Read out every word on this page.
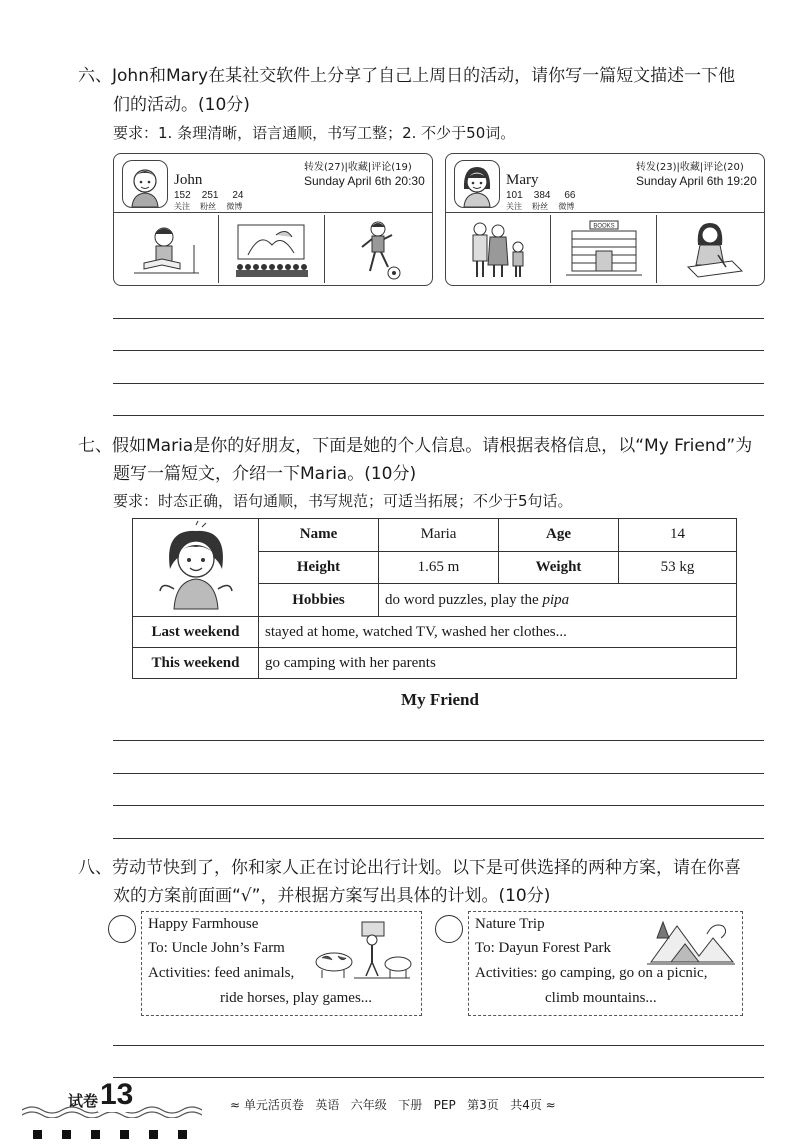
六、John和Mary在某社交软件上分享了自己上周日的活动，请你写一篇短文描述一下他
们的活动。(10分)
要求：1. 条理清晰，语言通顺，书写工整；2. 不少于50词。
John
转发(27)|收藏|评论(19)
Sunday April 6th 20:30
152    251     24
关注    粉丝    微博
Mary
转发(23)|收藏|评论(20)
Sunday April 6th 19:20
101    384     66
关注    粉丝    微博
BOOKS
七、假如Maria是你的好朋友，下面是她的个人信息。请根据表格信息，以“My Friend”为
题写一篇短文，介绍一下Maria。(10分)
要求：时态正确，语句通顺，书写规范；可适当拓展；不少于5句话。
	Name	Maria	Age	14
	Height	1.65 m	Weight	53 kg
	Hobbies	do word puzzles, play the pipa		
Last weekend	stayed at home, watched TV, washed her clothes...			
This weekend	go camping with her parents			
My Friend
八、劳动节快到了，你和家人正在讨论出行计划。以下是可供选择的两种方案，请在你喜
欢的方案前面画“√”，并根据方案写出具体的计划。(10分)
Happy Farmhouse
To: Uncle John’s Farm
Activities: feed animals,
ride horses, play games...
Nature Trip
To: Dayun Forest Park
Activities: go camping, go on a picnic,
climb mountains...
试卷 13	≈ 单元活页卷   英语   六年级   下册   PEP   第3页   共4页 ≈
